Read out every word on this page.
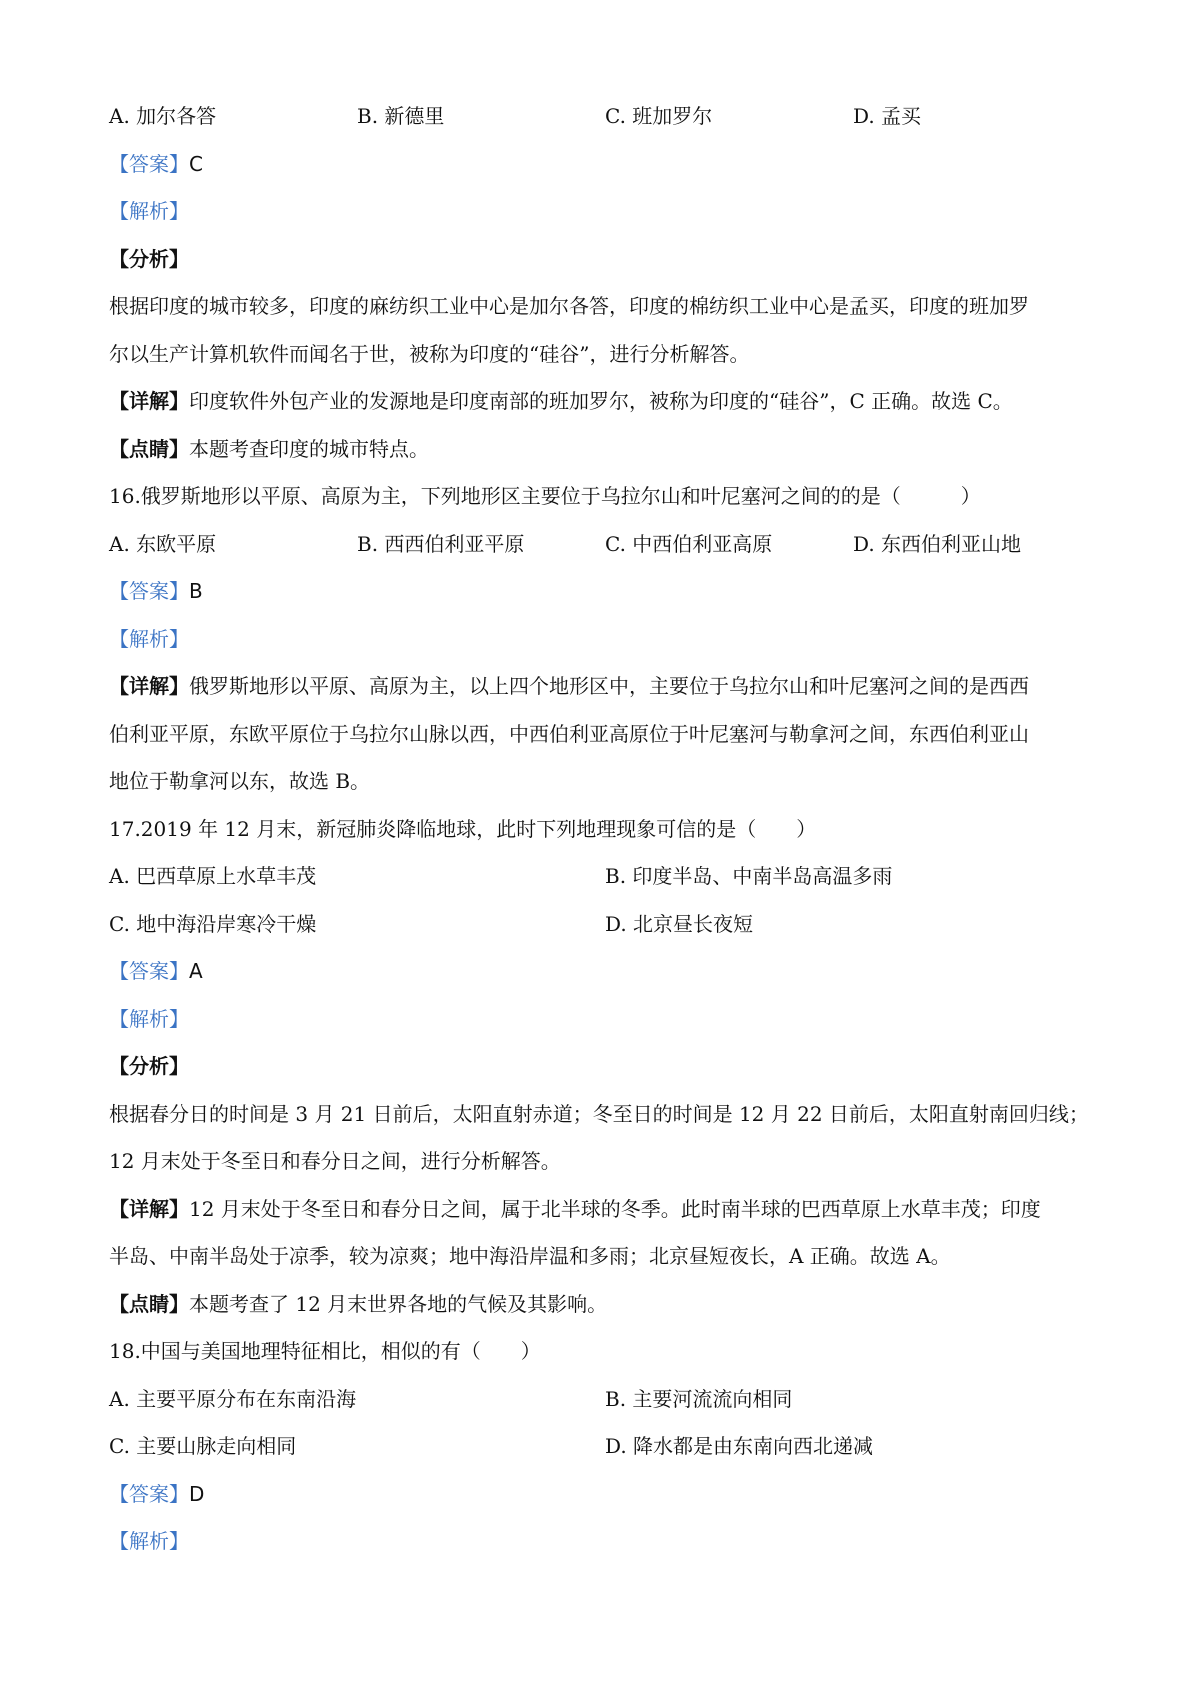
A. 加尔各答	B. 新德里	C. 班加罗尔	D. 孟买
【答案】C
【解析】
【分析】
根据印度的城市较多，印度的麻纺织工业中心是加尔各答，印度的棉纺织工业中心是孟买，印度的班加罗
尔以生产计算机软件而闻名于世，被称为印度的“硅谷”，进行分析解答。
【详解】印度软件外包产业的发源地是印度南部的班加罗尔，被称为印度的“硅谷”，C 正确。故选 C。
【点睛】本题考查印度的城市特点。
16.俄罗斯地形以平原、高原为主，下列地形区主要位于乌拉尔山和叶尼塞河之间的的是（　　　）
A. 东欧平原	B. 西西伯利亚平原	C. 中西伯利亚高原	D. 东西伯利亚山地
【答案】B
【解析】
【详解】俄罗斯地形以平原、高原为主，以上四个地形区中，主要位于乌拉尔山和叶尼塞河之间的是西西
伯利亚平原，东欧平原位于乌拉尔山脉以西，中西伯利亚高原位于叶尼塞河与勒拿河之间，东西伯利亚山
地位于勒拿河以东，故选 B。
17.2019 年 12 月末，新冠肺炎降临地球，此时下列地理现象可信的是（　　）
A. 巴西草原上水草丰茂	B. 印度半岛、中南半岛高温多雨
C. 地中海沿岸寒冷干燥	D. 北京昼长夜短
【答案】A
【解析】
【分析】
根据春分日的时间是 3 月 21 日前后，太阳直射赤道；冬至日的时间是 12 月 22 日前后，太阳直射南回归线；
12 月末处于冬至日和春分日之间，进行分析解答。
【详解】12 月末处于冬至日和春分日之间，属于北半球的冬季。此时南半球的巴西草原上水草丰茂；印度
半岛、中南半岛处于凉季，较为凉爽；地中海沿岸温和多雨；北京昼短夜长，A 正确。故选 A。
【点睛】本题考查了 12 月末世界各地的气候及其影响。
18.中国与美国地理特征相比，相似的有（　　）
A. 主要平原分布在东南沿海	B. 主要河流流向相同
C. 主要山脉走向相同	D. 降水都是由东南向西北递减
【答案】D
【解析】
